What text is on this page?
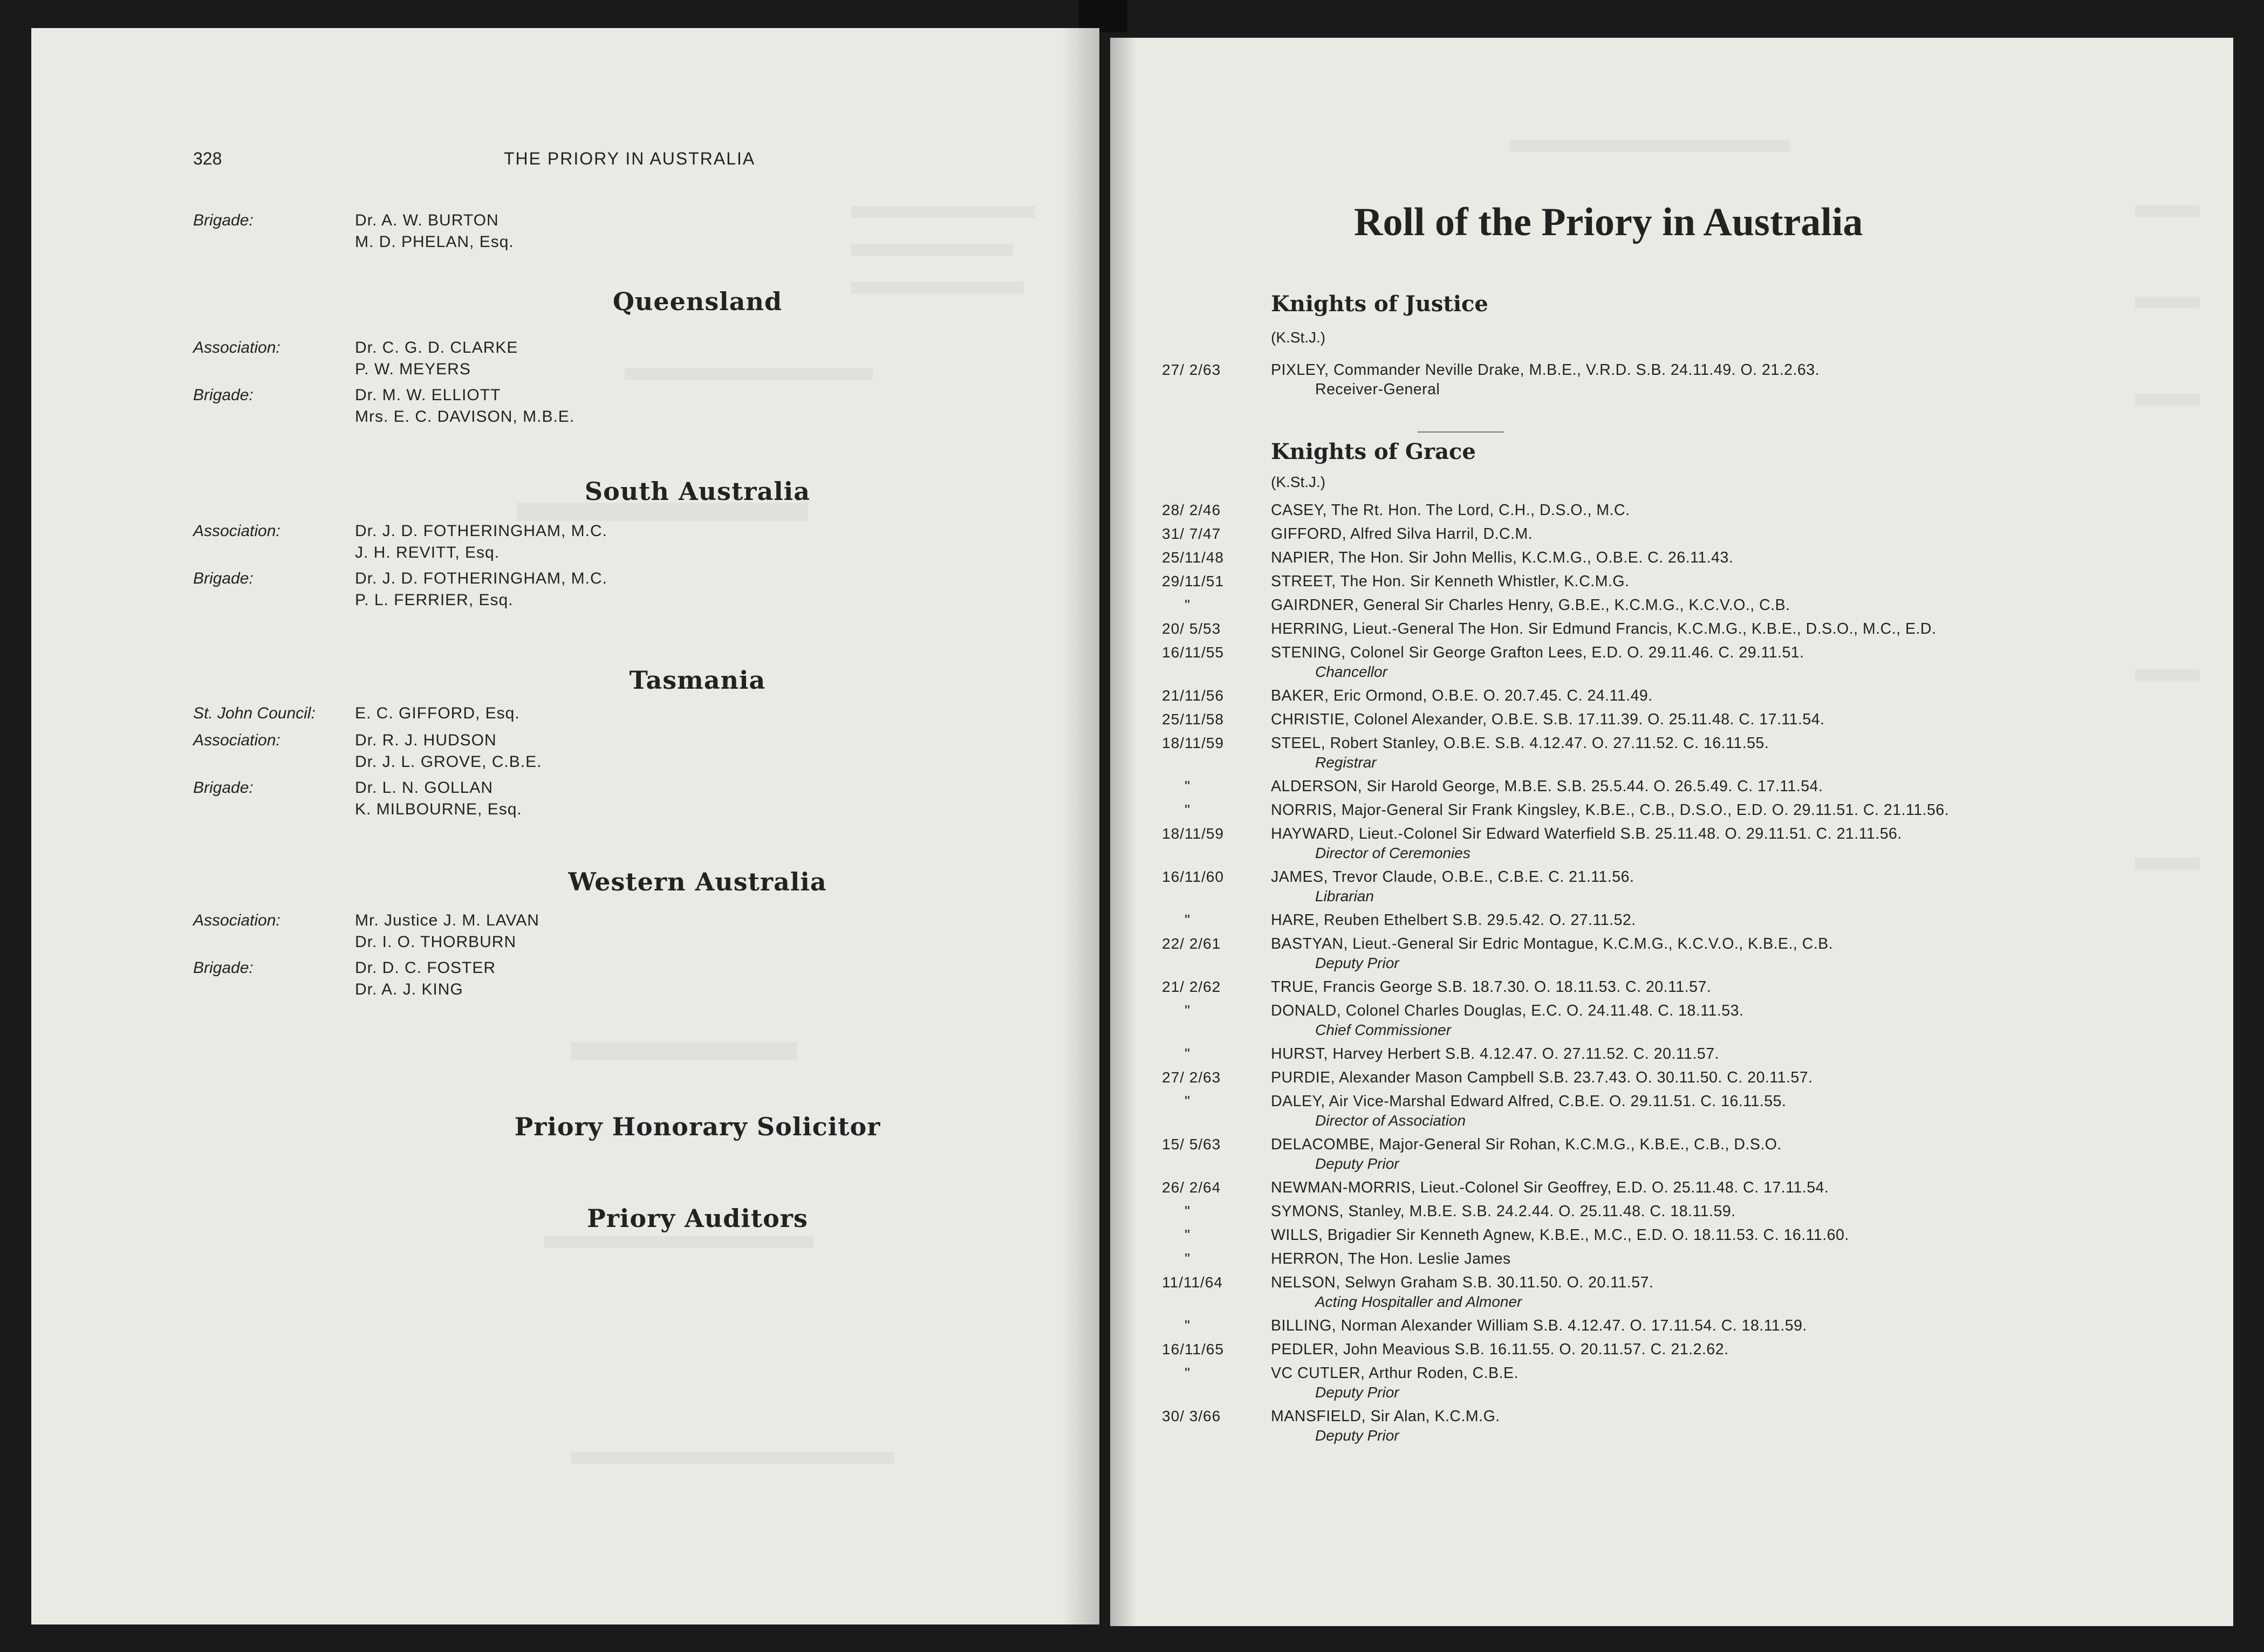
328	THE PRIORY IN AUSTRALIA
Brigade:	Dr. A. W. BURTON
M. D. PHELAN, Esq.
Queensland
Association:	Dr. C. G. D. CLARKE
P. W. MEYERS
Brigade:	Dr. M. W. ELLIOTT
Mrs. E. C. DAVISON, M.B.E.
South Australia
Association:	Dr. J. D. FOTHERINGHAM, M.C.
J. H. REVITT, Esq.
Brigade:	Dr. J. D. FOTHERINGHAM, M.C.
P. L. FERRIER, Esq.
Tasmania
St. John Council: E. C. GIFFORD, Esq.
Association:	Dr. R. J. HUDSON
Dr. J. L. GROVE, C.B.E.
Brigade:	Dr. L. N. GOLLAN
K. MILBOURNE, Esq.
Western Australia
Association:	Mr. Justice J. M. LAVAN
Dr. I. O. THORBURN
Brigade:	Dr. D. C. FOSTER
Dr. A. J. KING
Priory Honorary Solicitor
Priory Auditors
Roll of the Priory in Australia
Knights of Justice
(K.St.J.)
Knights of Grace
(K.St.J.)
27/ 2/63	PIXLEY, Commander Neville Drake, M.B.E., V.R.D. S.B. 24.11.49. O. 21.2.63.
Receiver-General
28/ 2/46	CASEY, The Rt. Hon. The Lord, C.H., D.S.O., M.C.
31/ 7/47	GIFFORD, Alfred Silva Harril, D.C.M.
25/11/48	NAPIER, The Hon. Sir John Mellis, K.C.M.G., O.B.E. C. 26.11.43.
29/11/51	STREET, The Hon. Sir Kenneth Whistler, K.C.M.G.
"	GAIRDNER, General Sir Charles Henry, G.B.E., K.C.M.G., K.C.V.O., C.B.
20/ 5/53	HERRING, Lieut.-General The Hon. Sir Edmund Francis, K.C.M.G., K.B.E., D.S.O., M.C., E.D.
16/11/55	STENING, Colonel Sir George Grafton Lees, E.D. O. 29.11.46. C. 29.11.51.
Chancellor
21/11/56	BAKER, Eric Ormond, O.B.E. O. 20.7.45. C. 24.11.49.
25/11/58	CHRISTIE, Colonel Alexander, O.B.E. S.B. 17.11.39. O. 25.11.48. C. 17.11.54.
18/11/59	STEEL, Robert Stanley, O.B.E. S.B. 4.12.47. O. 27.11.52. C. 16.11.55.
Registrar
"	ALDERSON, Sir Harold George, M.B.E. S.B. 25.5.44. O. 26.5.49. C. 17.11.54.
"	NORRIS, Major-General Sir Frank Kingsley, K.B.E., C.B., D.S.O., E.D. O. 29.11.51. C. 21.11.56.
18/11/59	HAYWARD, Lieut.-Colonel Sir Edward Waterfield S.B. 25.11.48. O. 29.11.51. C. 21.11.56.
Director of Ceremonies
16/11/60	JAMES, Trevor Claude, O.B.E., C.B.E. C. 21.11.56.
Librarian
"	HARE, Reuben Ethelbert S.B. 29.5.42. O. 27.11.52.
22/ 2/61	BASTYAN, Lieut.-General Sir Edric Montague, K.C.M.G., K.C.V.O., K.B.E., C.B.
Deputy Prior
21/ 2/62	TRUE, Francis George S.B. 18.7.30. O. 18.11.53. C. 20.11.57.
"	DONALD, Colonel Charles Douglas, E.C. O. 24.11.48. C. 18.11.53.
Chief Commissioner
"	HURST, Harvey Herbert S.B. 4.12.47. O. 27.11.52. C. 20.11.57.
27/ 2/63	PURDIE, Alexander Mason Campbell S.B. 23.7.43. O. 30.11.50. C. 20.11.57.
"	DALEY, Air Vice-Marshal Edward Alfred, C.B.E. O. 29.11.51. C. 16.11.55.
Director of Association
15/ 5/63	DELACOMBE, Major-General Sir Rohan, K.C.M.G., K.B.E., C.B., D.S.O.
Deputy Prior
26/ 2/64	NEWMAN-MORRIS, Lieut.-Colonel Sir Geoffrey, E.D. O. 25.11.48. C. 17.11.54.
"	SYMONS, Stanley, M.B.E. S.B. 24.2.44. O. 25.11.48. C. 18.11.59.
"	WILLS, Brigadier Sir Kenneth Agnew, K.B.E., M.C., E.D. O. 18.11.53. C. 16.11.60.
"	HERRON, The Hon. Leslie James
11/11/64	NELSON, Selwyn Graham S.B. 30.11.50. O. 20.11.57.
Acting Hospitaller and Almoner
"	BILLING, Norman Alexander William S.B. 4.12.47. O. 17.11.54. C. 18.11.59.
16/11/65	PEDLER, John Meavious S.B. 16.11.55. O. 20.11.57. C. 21.2.62.
"	VC CUTLER, Arthur Roden, C.B.E.
Deputy Prior
30/ 3/66	MANSFIELD, Sir Alan, K.C.M.G.
Deputy Prior
